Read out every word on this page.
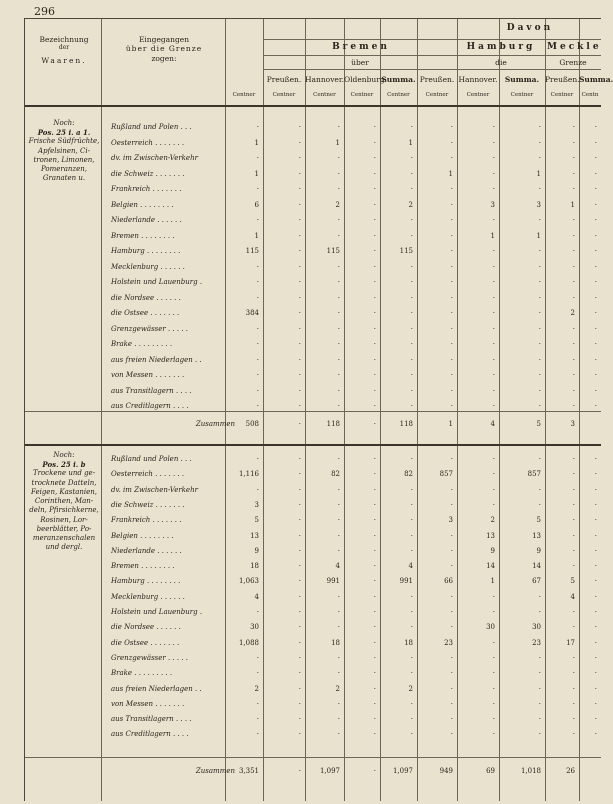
296
Bezeichnung
der
Waaren.
Eingegangen
über die Grenze
zogen:
Centner
Davon
Bremen	Hamburg	Meckle
über	die	Grenze
Preußen. Hannover. Oldenburg.
Summa. Preußen. Hannover. Summa. Preußen. Summa.
Centner	Centner	Centner	Centner	Centner	Centner	Centner	Centner	Centn
Noch:
Pos. 25 i. a 1.
Frische Südfrüchte,
Apfelsinen, Ci-
tronen, Limonen,
Pomeranzen,
Granaten u.
Noch:
Pos. 25 i. b
Trockene und ge-
trocknete Datteln,
Feigen, Kastanien,
Corinthen, Man-
deln, Pfirsichkerne,
Rosinen, Lor-
beerblätter, Po-
meranzenschalen und dergl.
Rußland und Polen . . .	·	·	·	·	·	·	·	·	·	·
Oesterreich . . . . . . .	1	·	1	·	1	·	·	·	·	·
dv. im Zwischen-Verkehr	·	·	·	·	·	·	·	·	·	·
die Schweiz . . . . . . .	1	·	·	·	·	1	·	1	·	·
Frankreich . . . . . . .	·	·	·	·	·	·	·	·	·	·
Belgien . . . . . . . .	6	·	2	·	2	·	3	3	1	·
Niederlande . . . . . .	·	·	·	·	·	·	·	·	·	·
Bremen . . . . . . . .	1	·	·	·	·	·	1	1	·	·
Hamburg . . . . . . . .	115	·	115	·	115	·	·	·	·	·
Mecklenburg . . . . . .	·	·	·	·	·	·	·	·	·	·
Holstein und Lauenburg .	·	·	·	·	·	·	·	·	·	·
die Nordsee . . . . . .	·	·	·	·	·	·	·	·	·	·
die Ostsee . . . . . . .	384	·	·	·	·	·	·	·	2	·
Grenzgewässer . . . . .	·	·	·	·	·	·	·	·	·	·
Brake . . . . . . . . .	·	·	·	·	·	·	·	·	·	·
aus freien Niederlagen . .	·	·	·	·	·	·	·	·	·	·
von Messen . . . . . . .	·	·	·	·	·	·	·	·	·	·
aus Transitlagern . . . .	·	·	·	·	·	·	·	·	·	·
aus Creditlagern . . . .	·	·	·	·	·	·	·	·	·	·
Rußland und Polen . . .	·	·	·	·	·	·	·	·	·	·
Oesterreich . . . . . . .	1,116	·	82	·	82	857	·	857	·	·
dv. im Zwischen-Verkehr	·	·	·	·	·	·	·	·	·	·
die Schweiz . . . . . . .	3	·	·	·	·	·	·	·	·	·
Frankreich . . . . . . .	5	·	·	·	·	3	2	5	·	·
Belgien . . . . . . . .	13	·	·	·	·	·	13	13	·	·
Niederlande . . . . . .	9	·	·	·	·	·	9	9	·	·
Bremen . . . . . . . .	18	·	4	·	4	·	14	14	·	·
Hamburg . . . . . . . .	1,063	·	991	·	991	66	1	67	5	·
Mecklenburg . . . . . .	4	·	·	·	·	·	·	·	4	·
Holstein und Lauenburg .	·	·	·	·	·	·	·	·	·	·
die Nordsee . . . . . .	30	·	·	·	·	·	30	30	·	·
die Ostsee . . . . . . .	1,088	·	18	·	18	23	·	23	17	·
Grenzgewässer . . . . .	·	·	·	·	·	·	·	·	·	·
Brake . . . . . . . . .	·	·	·	·	·	·	·	·	·	·
aus freien Niederlagen . .	2	·	2	·	2	·	·	·	·	·
von Messen . . . . . . .	·	·	·	·	·	·	·	·	·	·
aus Transitlagern . . . .	·	·	·	·	·	·	·	·	·	·
aus Creditlagern . . . .	·	·	·	·	·	·	·	·	·	·
Zusammen	508	·	118	·	118	1	4	5	3
Zusammen 3,351	·	1,097	·	1,097	949	69	1,018	26
